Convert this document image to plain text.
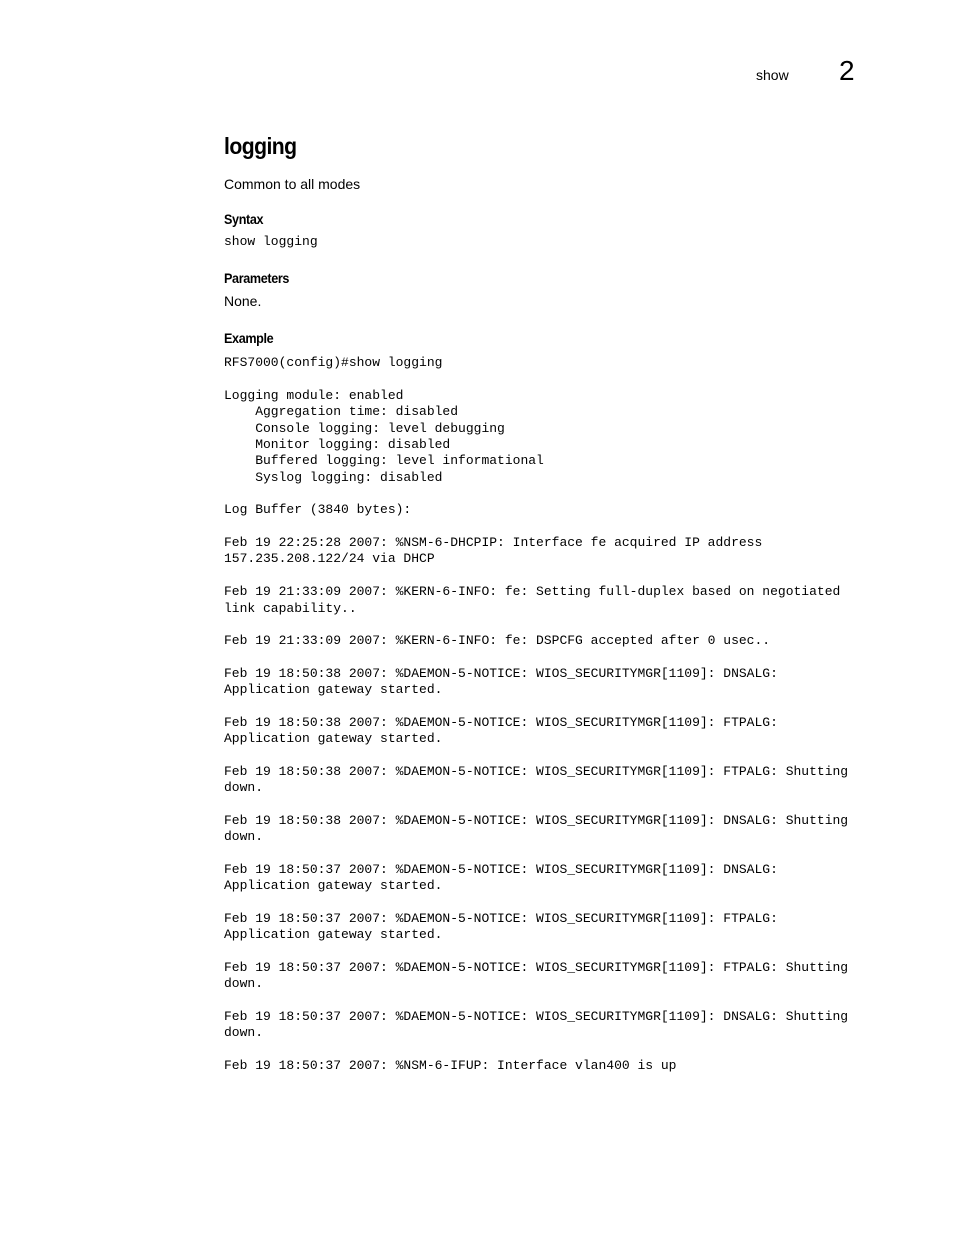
show 2
logging

Common to all modes

Syntax
show logging
Parameters

None.

Example
RFS7000(config)#show logging

Logging module: enabled
Aggregation time: disabled
Console logging: level debugging
Monitor logging: disabled
Buffered logging: level informational
Syslog logging: disabled

Log Buffer (3840 bytes):

Feb 19 22:25:28 2007: %NSM-6-DHCPIP: Interface fe acquired IP address
157.235.208.122/24 via DHCP

Feb 19 21:33:09 2007: %KERN-6-INFO: fe: Setting full-duplex based on negotiated
link capability..

Feb 19 21:33:09 2007: %KERN-6-INFO: fe: DSPCFG accepted after 0 usec..

Feb 19 18:50:38 2007: %DAEMON-5-NOTICE: WIOS_SECURITYMGR[1109]: DNSALG:
Application gateway started.

Feb 19 18:50:38 2007: %DAEMON-5-NOTICE: WIOS_SECURITYMGR[1109]: FTPALG:
Application gateway started.

Feb 19 18:50:38 2007: %DAEMON-5-NOTICE: WIOS_SECURITYMGR[1109]: FTPALG: Shutting
down.

Feb 19 18:50:38 2007: %DAEMON-5-NOTICE: WIOS_SECURITYMGR[1109]: DNSALG: Shutting
down.

Feb 19 18:50:37 2007: %DAEMON-5-NOTICE: WIOS_SECURITYMGR[1109]: DNSALG:
Application gateway started.

Feb 19 18:50:37 2007: %DAEMON-5-NOTICE: WIOS_SECURITYMGR[1109]: FTPALG:
Application gateway started.

Feb 19 18:50:37 2007: %DAEMON-5-NOTICE: WIOS_SECURITYMGR[1109]: FTPALG: Shutting
down.

Feb 19 18:50:37 2007: %DAEMON-5-NOTICE: WIOS_SECURITYMGR[1109]: DNSALG: Shutting
down.

Feb 19 18:50:37 2007: %NSM-6-IFUP: Interface vlan400 is up
